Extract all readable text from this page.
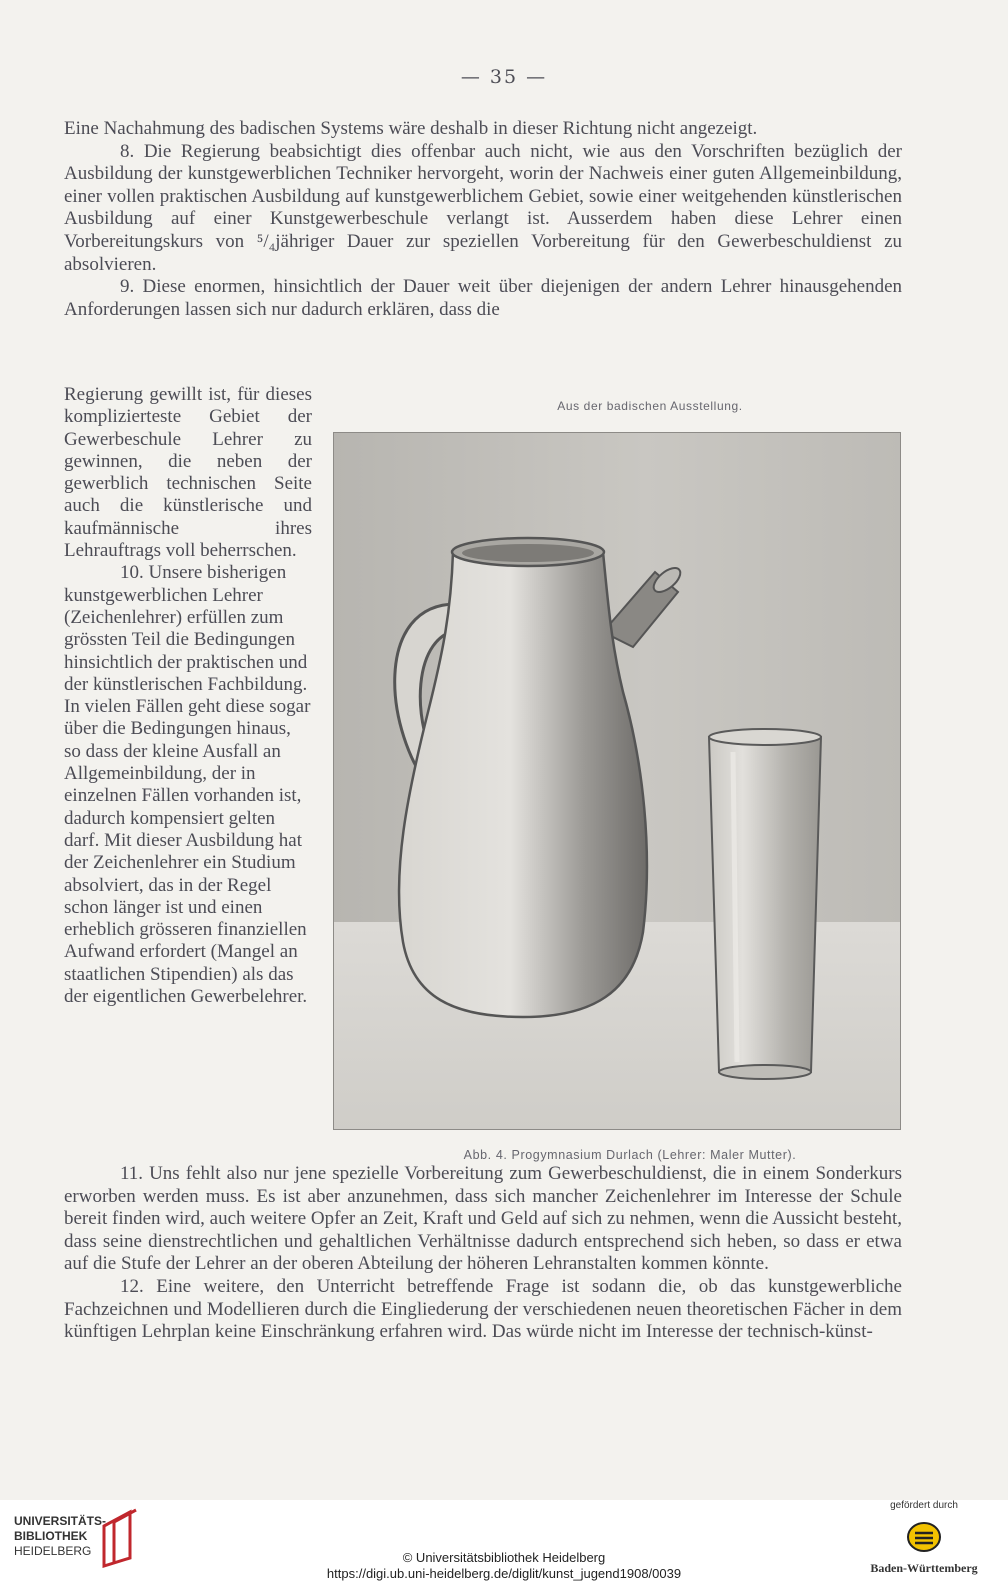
— 35 —

Eine Nachahmung des badischen Systems wäre deshalb in dieser Richtung nicht angezeigt.

8. Die Regierung beabsichtigt dies offenbar auch nicht, wie aus den Vorschriften bezüglich der Ausbildung der kunstgewerblichen Techniker hervorgeht, worin der Nachweis einer guten Allgemeinbildung, einer vollen praktischen Ausbildung auf kunstgewerblichem Gebiet, sowie einer weitgehenden künstlerischen Ausbildung auf einer Kunstgewerbeschule verlangt ist. Ausserdem haben diese Lehrer einen Vorbereitungskurs von ⁵/₄jähriger Dauer zur speziellen Vorbereitung für den Gewerbeschuldienst zu absolvieren.

9. Diese enormen, hinsichtlich der Dauer weit über diejenigen der andern Lehrer hinausgehenden Anforderungen lassen sich nur dadurch erklären, dass die

Regierung gewillt ist, für dieses komplizierteste Gebiet der Gewerbeschule Lehrer zu gewinnen, die neben der gewerblich technischen Seite auch die künstlerische und kaufmännische ihres Lehrauftrags voll beherrschen.

10. Unsere bisherigen kunstgewerblichen Lehrer (Zeichenlehrer) erfüllen zum grössten Teil die Bedingungen hinsichtlich der praktischen und der künstlerischen Fachbildung. In vielen Fällen geht diese sogar über die Bedingungen hinaus, so dass der kleine Ausfall an Allgemeinbildung, der in einzelnen Fällen vorhanden ist, dadurch kompensiert gelten darf. Mit dieser Ausbildung hat der Zeichenlehrer ein Studium absolviert, das in der Regel schon länger ist und einen erheblich grösseren finanziellen Aufwand erfordert (Mangel an staatlichen Stipendien) als das der eigentlichen Gewerbelehrer.

Aus der badischen Ausstellung.
Abb. 4. Progymnasium Durlach (Lehrer: Maler Mutter).

11. Uns fehlt also nur jene spezielle Vorbereitung zum Gewerbeschuldienst, die in einem Sonderkurs erworben werden muss. Es ist aber anzunehmen, dass sich mancher Zeichenlehrer im Interesse der Schule bereit finden wird, auch weitere Opfer an Zeit, Kraft und Geld auf sich zu nehmen, wenn die Aussicht besteht, dass seine dienstrechtlichen und gehaltlichen Verhältnisse dadurch entsprechend sich heben, so dass er etwa auf die Stufe der Lehrer an der oberen Abteilung der höheren Lehranstalten kommen könnte.

12. Eine weitere, den Unterricht betreffende Frage ist sodann die, ob das kunstgewerbliche Fachzeichnen und Modellieren durch die Eingliederung der verschiedenen neuen theoretischen Fächer in dem künftigen Lehrplan keine Einschränkung erfahren wird. Das würde nicht im Interesse der technisch-künst-

UNIVERSITÄTS-
BIBLIOTHEK
HEIDELBERG	© Universitätsbibliothek Heidelberg
https://digi.ub.uni-heidelberg.de/diglit/kunst_jugend1908/0039
gefördert durch
Baden-Württemberg
